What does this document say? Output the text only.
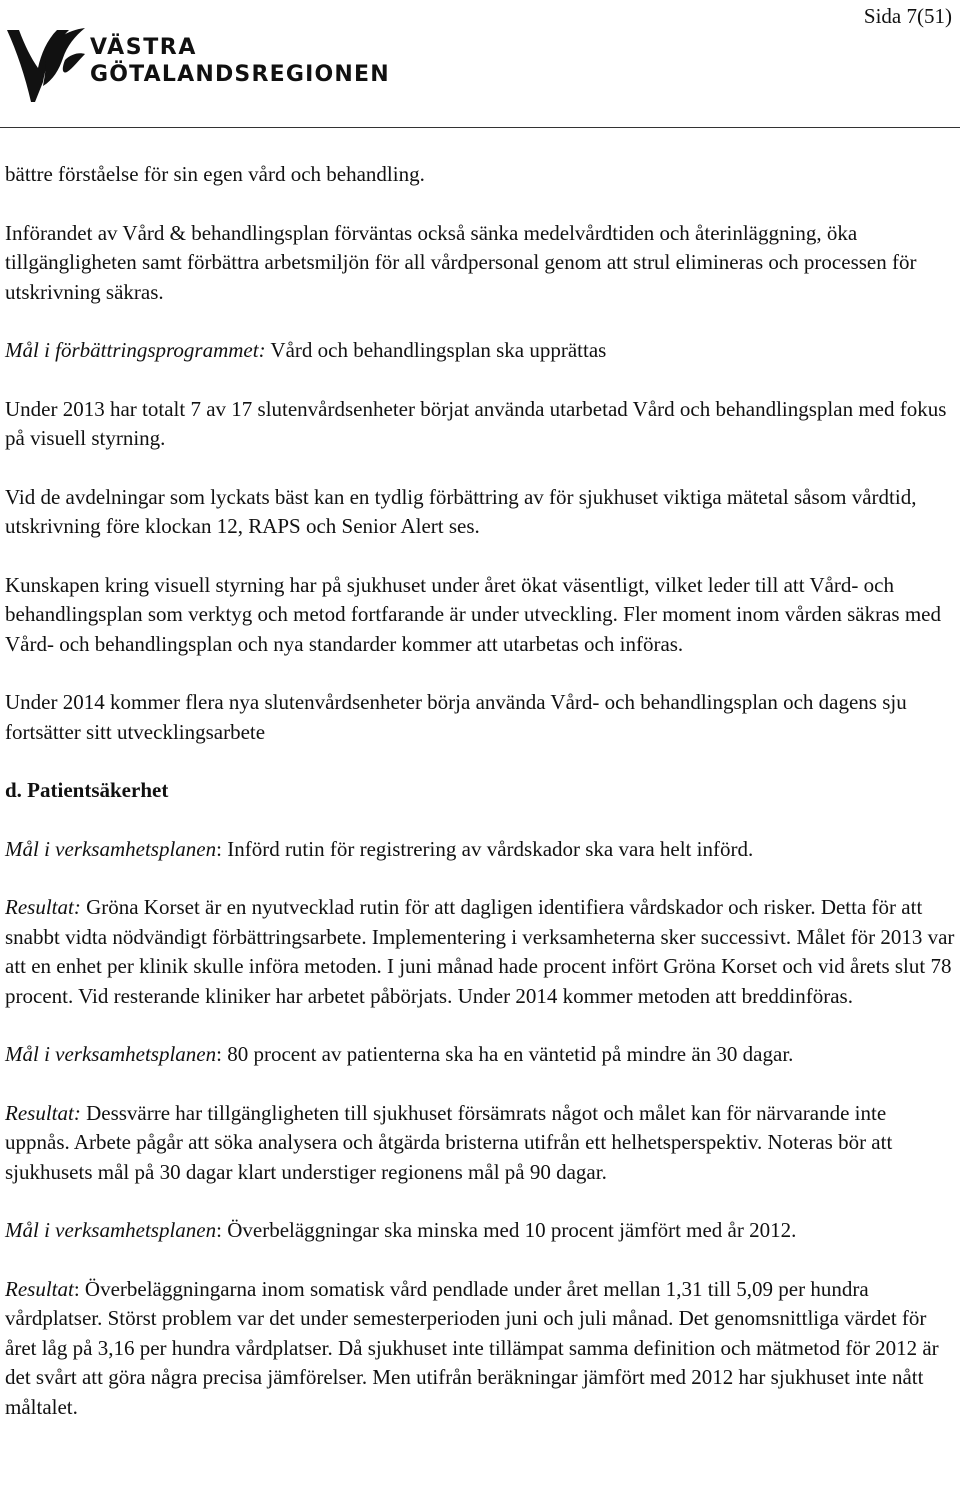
Sida 7(51)
VÄSTRA
GÖTALANDSREGIONEN

bättre förståelse för sin egen vård och behandling.

Införandet av Vård & behandlingsplan förväntas också sänka medelvårdtiden och återinläggning, öka tillgängligheten samt förbättra arbetsmiljön för all vårdpersonal genom att strul elimineras och processen för utskrivning säkras.

Mål i förbättringsprogrammet: Vård och behandlingsplan ska upprättas

Under 2013 har totalt 7 av 17 slutenvårdsenheter börjat använda utarbetad Vård och behandlingsplan med fokus på visuell styrning.

Vid de avdelningar som lyckats bäst kan en tydlig förbättring av för sjukhuset viktiga mätetal såsom vårdtid, utskrivning före klockan 12, RAPS och Senior Alert ses.

Kunskapen kring visuell styrning har på sjukhuset under året ökat väsentligt, vilket leder till att Vård- och behandlingsplan som verktyg och metod fortfarande är under utveckling. Fler moment inom vården säkras med Vård- och behandlingsplan och nya standarder kommer att utarbetas och införas.

Under 2014 kommer flera nya slutenvårdsenheter börja använda Vård- och behandlingsplan och dagens sju fortsätter sitt utvecklingsarbete

d. Patientsäkerhet

Mål i verksamhetsplanen: Införd rutin för registrering av vårdskador ska vara helt införd.

Resultat: Gröna Korset är en nyutvecklad rutin för att dagligen identifiera vårdskador och risker. Detta för att snabbt vidta nödvändigt förbättringsarbete. Implementering i verksamheterna sker successivt. Målet för 2013 var att en enhet per klinik skulle införa metoden. I juni månad hade procent infört Gröna Korset och vid årets slut 78 procent. Vid resterande kliniker har arbetet påbörjats. Under 2014 kommer metoden att breddinföras.

Mål i verksamhetsplanen: 80 procent av patienterna ska ha en väntetid på mindre än 30 dagar.

Resultat: Dessvärre har tillgängligheten till sjukhuset försämrats något och målet kan för närvarande inte uppnås. Arbete pågår att söka analysera och åtgärda bristerna utifrån ett helhetsperspektiv. Noteras bör att sjukhusets mål på 30 dagar klart understiger regionens mål på 90 dagar.

Mål i verksamhetsplanen: Överbeläggningar ska minska med 10 procent jämfört med år 2012.

Resultat: Överbeläggningarna inom somatisk vård pendlade under året mellan 1,31 till 5,09 per hundra vårdplatser. Störst problem var det under semesterperioden juni och juli månad. Det genomsnittliga värdet för året låg på 3,16 per hundra vårdplatser. Då sjukhuset inte tillämpat samma definition och mätmetod för 2012 är det svårt att göra några precisa jämförelser. Men utifrån beräkningar jämfört med 2012 har sjukhuset inte nått måltalet.
